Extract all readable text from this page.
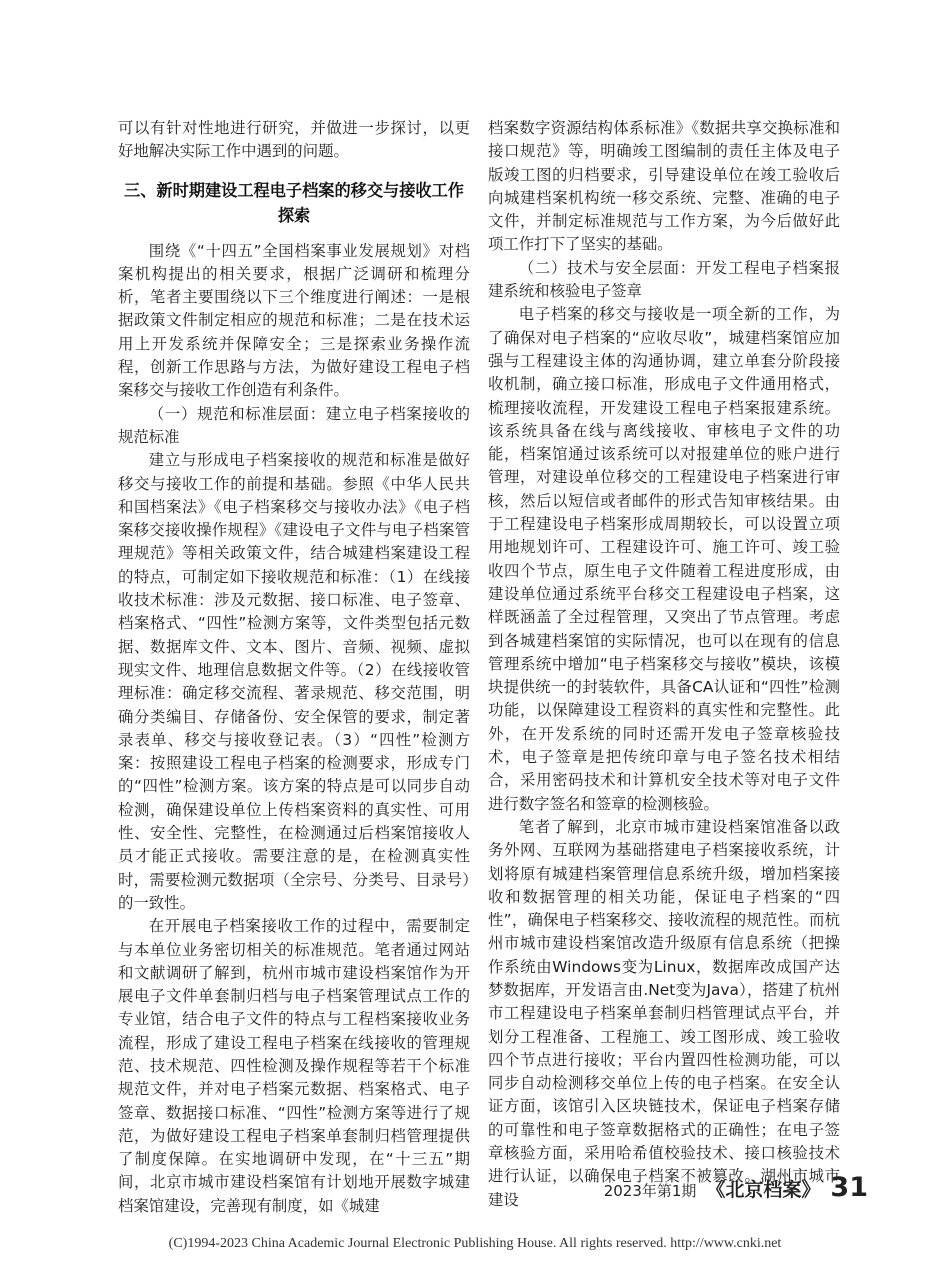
可以有针对性地进行研究，并做进一步探讨，以更好地解决实际工作中遇到的问题。

三、新时期建设工程电子档案的移交与接收工作探索

围绕《“十四五”全国档案事业发展规划》对档案机构提出的相关要求，根据广泛调研和梳理分析，笔者主要围绕以下三个维度进行阐述：一是根据政策文件制定相应的规范和标准；二是在技术运用上开发系统并保障安全；三是探索业务操作流程，创新工作思路与方法，为做好建设工程电子档案移交与接收工作创造有利条件。

（一）规范和标准层面：建立电子档案接收的规范标准

建立与形成电子档案接收的规范和标准是做好移交与接收工作的前提和基础。参照《中华人民共和国档案法》《电子档案移交与接收办法》《电子档案移交接收操作规程》《建设电子文件与电子档案管理规范》等相关政策文件，结合城建档案建设工程的特点，可制定如下接收规范和标准：（1）在线接收技术标准：涉及元数据、接口标准、电子签章、档案格式、“四性”检测方案等，文件类型包括元数据、数据库文件、文本、图片、音频、视频、虚拟现实文件、地理信息数据文件等。（2）在线接收管理标准：确定移交流程、著录规范、移交范围，明确分类编目、存储备份、安全保管的要求，制定著录表单、移交与接收登记表。（3）“四性”检测方案：按照建设工程电子档案的检测要求，形成专门的“四性”检测方案。该方案的特点是可以同步自动检测，确保建设单位上传档案资料的真实性、可用性、安全性、完整性，在检测通过后档案馆接收人员才能正式接收。需要注意的是，在检测真实性时，需要检测元数据项（全宗号、分类号、目录号）的一致性。

在开展电子档案接收工作的过程中，需要制定与本单位业务密切相关的标准规范。笔者通过网站和文献调研了解到，杭州市城市建设档案馆作为开展电子文件单套制归档与电子档案管理试点工作的专业馆，结合电子文件的特点与工程档案接收业务流程，形成了建设工程电子档案在线接收的管理规范、技术规范、四性检测及操作规程等若干个标准规范文件，并对电子档案元数据、档案格式、电子签章、数据接口标准、“四性”检测方案等进行了规范，为做好建设工程电子档案单套制归档管理提供了制度保障。在实地调研中发现，在“十三五”期间，北京市城市建设档案馆有计划地开展数字城建档案馆建设，完善现有制度，如《城建

档案数字资源结构体系标准》《数据共享交换标准和接口规范》等，明确竣工图编制的责任主体及电子版竣工图的归档要求，引导建设单位在竣工验收后向城建档案机构统一移交系统、完整、准确的电子文件，并制定标准规范与工作方案，为今后做好此项工作打下了坚实的基础。

（二）技术与安全层面：开发工程电子档案报建系统和核验电子签章

电子档案的移交与接收是一项全新的工作，为了确保对电子档案的“应收尽收”，城建档案馆应加强与工程建设主体的沟通协调，建立单套分阶段接收机制，确立接口标准，形成电子文件通用格式，梳理接收流程，开发建设工程电子档案报建系统。该系统具备在线与离线接收、审核电子文件的功能，档案馆通过该系统可以对报建单位的账户进行管理，对建设单位移交的工程建设电子档案进行审核，然后以短信或者邮件的形式告知审核结果。由于工程建设电子档案形成周期较长，可以设置立项用地规划许可、工程建设许可、施工许可、竣工验收四个节点，原生电子文件随着工程进度形成，由建设单位通过系统平台移交工程建设电子档案，这样既涵盖了全过程管理，又突出了节点管理。考虑到各城建档案馆的实际情况，也可以在现有的信息管理系统中增加“电子档案移交与接收”模块，该模块提供统一的封装软件，具备CA认证和“四性”检测功能，以保障建设工程资料的真实性和完整性。此外，在开发系统的同时还需开发电子签章核验技术，电子签章是把传统印章与电子签名技术相结合，采用密码技术和计算机安全技术等对电子文件进行数字签名和签章的检测核验。

笔者了解到，北京市城市建设档案馆准备以政务外网、互联网为基础搭建电子档案接收系统，计划将原有城建档案管理信息系统升级，增加档案接收和数据管理的相关功能，保证电子档案的“四性”，确保电子档案移交、接收流程的规范性。而杭州市城市建设档案馆改造升级原有信息系统（把操作系统由Windows变为Linux，数据库改成国产达梦数据库，开发语言由.Net变为Java），搭建了杭州市工程建设电子档案单套制归档管理试点平台，并划分工程准备、工程施工、竣工图形成、竣工验收四个节点进行接收；平台内置四性检测功能，可以同步自动检测移交单位上传的电子档案。在安全认证方面，该馆引入区块链技术，保证电子档案存储的可靠性和电子签章数据格式的正确性；在电子签章核验方面，采用哈希值校验技术、接口核验技术进行认证，以确保电子档案不被篡改。湖州市城市建设	2023年第1期 《北京档案》 31
(C)1994-2023 China Academic Journal Electronic Publishing House. All rights reserved. http://www.cnki.net
